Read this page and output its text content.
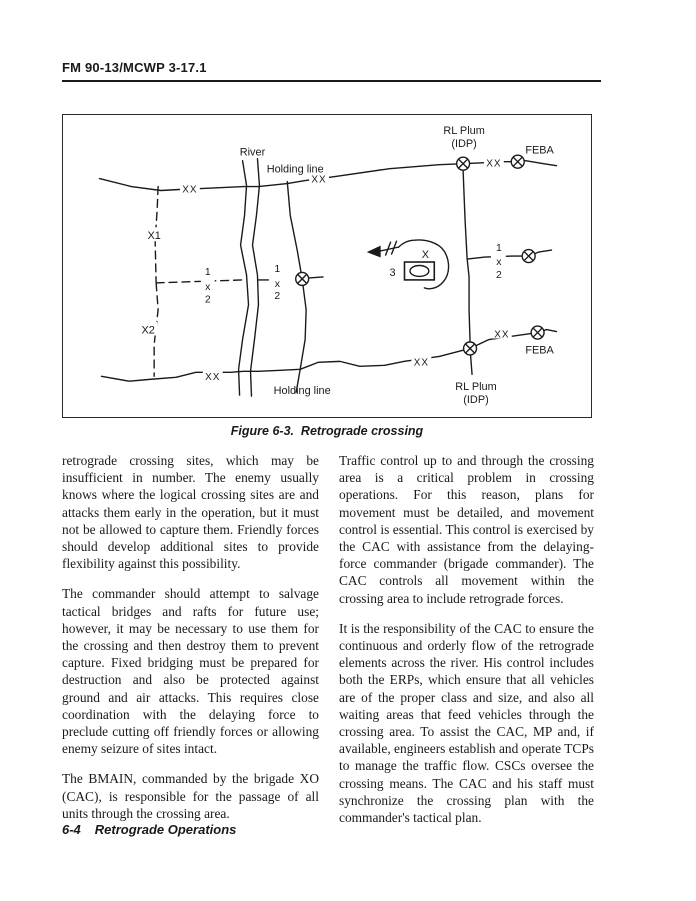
FM 90-13/MCWP 3-17.1
X
3
XX
XX
XX
XX
XX
XX
X1
X2
1
x
2
1
x
2
1
x
2
River
Holding line
Holding line
RL Plum
(IDP)
FEBA
FEBA
RL Plum
(IDP)
Figure 6-3.  Retrograde crossing

retrograde crossing sites, which may be insufficient in number. The enemy usually knows where the logical crossing sites are and attacks them early in the operation, but it must not be allowed to capture them. Friendly forces should develop additional sites to provide flexibility against this possibility.

The commander should attempt to salvage tactical bridges and rafts for future use; however, it may be necessary to use them for the crossing and then destroy them to prevent capture. Fixed bridging must be prepared for destruction and also be protected against ground and air attacks. This requires close coordination with the delaying force to preclude cutting off friendly forces or allowing enemy seizure of sites intact.

The BMAIN, commanded by the brigade XO (CAC), is responsible for the passage of all units through the crossing area.

Traffic control up to and through the crossing area is a critical problem in crossing operations. For this reason, plans for movement must be detailed, and movement control is essential. This control is exercised by the CAC with assistance from the delaying-force commander (brigade commander). The CAC controls all movement within the crossing area to include retrograde forces.

It is the responsibility of the CAC to ensure the continuous and orderly flow of the retrograde elements across the river. His control includes both the ERPs, which ensure that all vehicles are of the proper class and size, and also all waiting areas that feed vehicles through the crossing area. To assist the CAC, MP and, if available, engineers establish and operate TCPs to manage the traffic flow. CSCs oversee the crossing means. The CAC and his staff must synchronize the crossing plan with the commander's tactical plan.

6-4 Retrograde Operations
